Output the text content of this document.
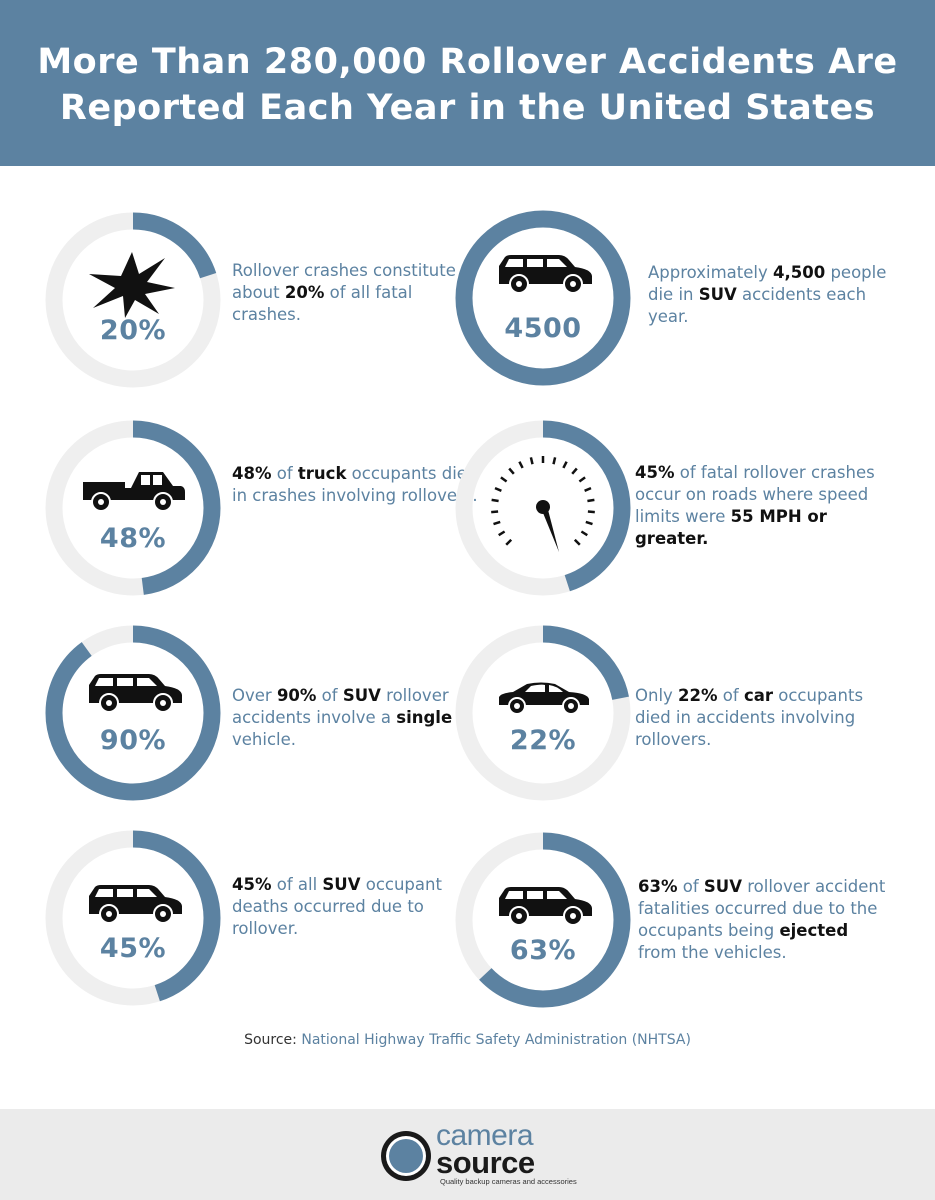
More Than 280,000 Rollover Accidents Are
Reported Each Year in the United States
20%
Rollover crashes constitute about 20% of all fatal crashes.	4500
Approximately 4,500 people die in SUV accidents each year.
48%
48% of truck occupants died in crashes involving rollovers.
45% of fatal rollover crashes occur on roads where speed limits were 55 MPH or greater.
90%
Over 90% of SUV rollover accidents involve a single vehicle.	22%
Only 22% of car occupants died in accidents involving rollovers.
45%
45% of all SUV occupant deaths occurred due to rollover.
63%
63% of SUV rollover accident fatalities occurred due to the occupants being ejected from the vehicles.
Source: National Highway Traffic Safety Administration (NHTSA)
camera
source
Quality backup cameras and accessories
